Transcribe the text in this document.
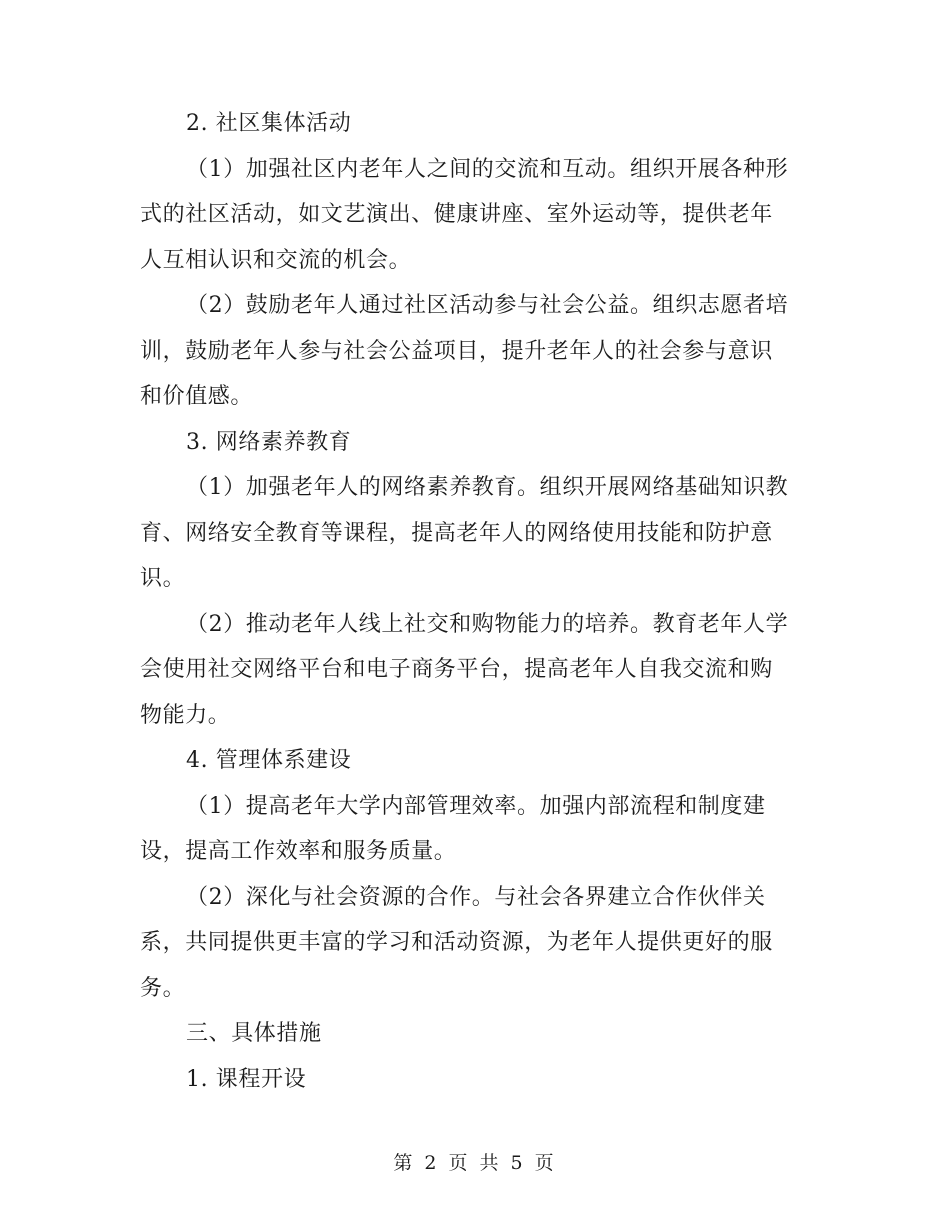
2. 社区集体活动
（1）加强社区内老年人之间的交流和互动。组织开展各种形
式的社区活动，如文艺演出、健康讲座、室外运动等，提供老年
人互相认识和交流的机会。
（2）鼓励老年人通过社区活动参与社会公益。组织志愿者培
训，鼓励老年人参与社会公益项目，提升老年人的社会参与意识
和价值感。
3. 网络素养教育
（1）加强老年人的网络素养教育。组织开展网络基础知识教
育、网络安全教育等课程，提高老年人的网络使用技能和防护意
识。
（2）推动老年人线上社交和购物能力的培养。教育老年人学
会使用社交网络平台和电子商务平台，提高老年人自我交流和购
物能力。
4. 管理体系建设
（1）提高老年大学内部管理效率。加强内部流程和制度建
设，提高工作效率和服务质量。
（2）深化与社会资源的合作。与社会各界建立合作伙伴关
系，共同提供更丰富的学习和活动资源，为老年人提供更好的服
务。
三、具体措施
1. 课程开设
第 2 页 共 5 页
